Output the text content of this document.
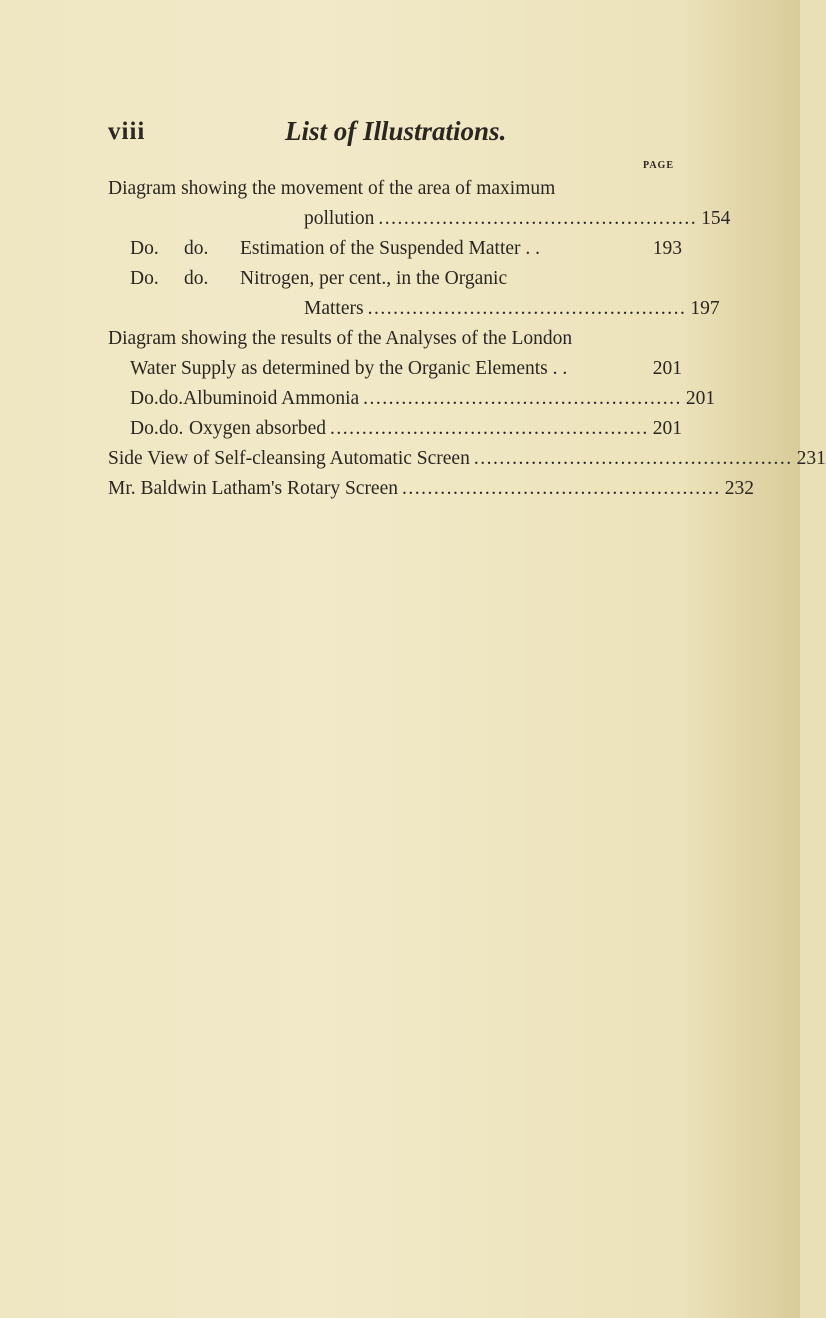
viii	List of Illustrations.
PAGE
Diagram showing the movement of the area of maximum
pollution .................................................. 154
Do.	do.	Estimation of the Suspended Matter . .	193
Do.	do.	Nitrogen, per cent., in the Organic
Matters .................................................. 197
Diagram showing the results of the Analyses of the London
Water Supply as determined by the Organic Elements . .	201
Do. do. Albuminoid Ammonia .................................................. 201
Do. do. Oxygen absorbed .................................................. 201
Side View of Self-cleansing Automatic Screen .................................................. 231
Mr. Baldwin Latham's Rotary Screen .................................................. 232
